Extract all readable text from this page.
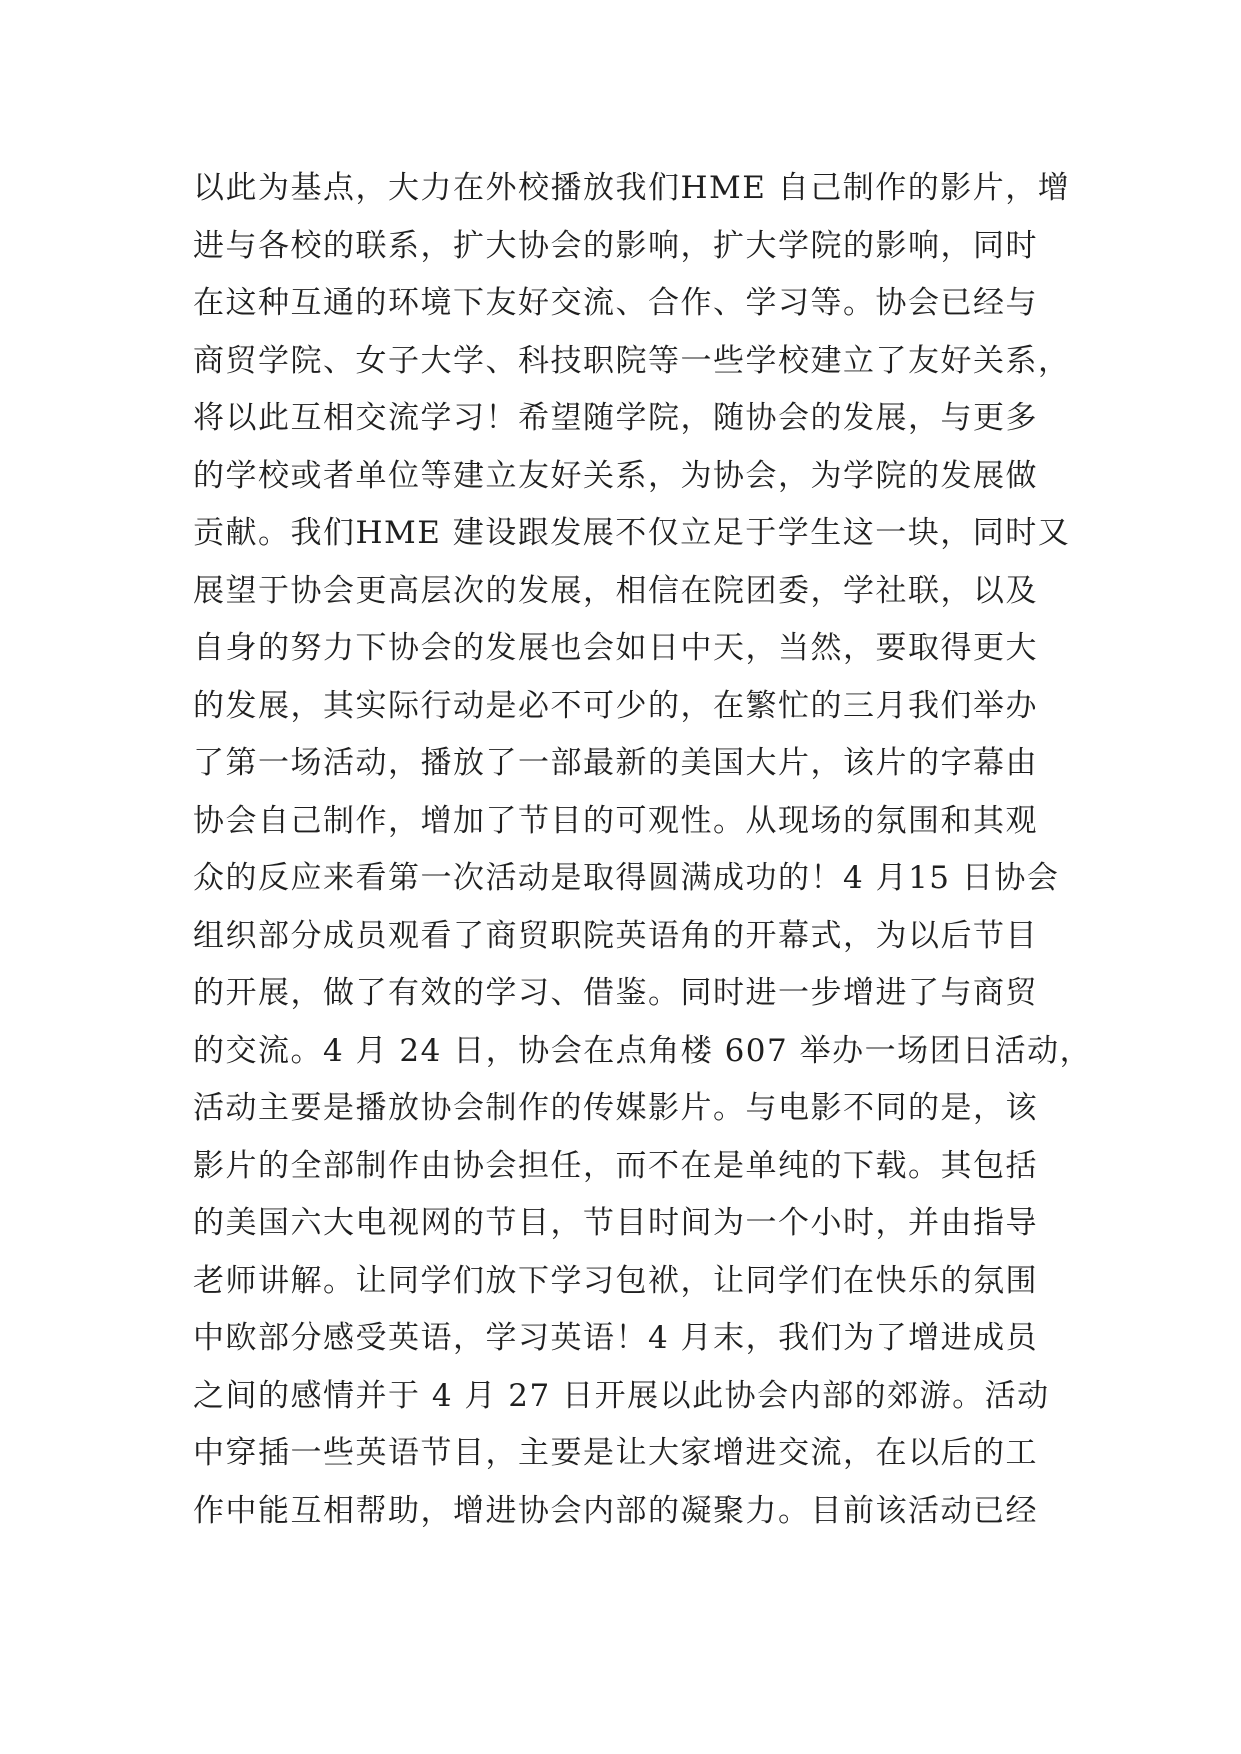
以此为基点，大力在外校播放我们HME 自己制作的影片，增
进与各校的联系，扩大协会的影响，扩大学院的影响，同时
在这种互通的环境下友好交流、合作、学习等。协会已经与
商贸学院、女子大学、科技职院等一些学校建立了友好关系，
将以此互相交流学习！希望随学院，随协会的发展，与更多
的学校或者单位等建立友好关系，为协会，为学院的发展做
贡献。我们HME 建设跟发展不仅立足于学生这一块，同时又
展望于协会更高层次的发展，相信在院团委，学社联，以及
自身的努力下协会的发展也会如日中天，当然，要取得更大
的发展，其实际行动是必不可少的，在繁忙的三月我们举办
了第一场活动，播放了一部最新的美国大片，该片的字幕由
协会自己制作，增加了节目的可观性。从现场的氛围和其观
众的反应来看第一次活动是取得圆满成功的！4 月15 日协会
组织部分成员观看了商贸职院英语角的开幕式，为以后节目
的开展，做了有效的学习、借鉴。同时进一步增进了与商贸
的交流。4 月 24 日，协会在点角楼 607 举办一场团日活动，
活动主要是播放协会制作的传媒影片。与电影不同的是，该
影片的全部制作由协会担任，而不在是单纯的下载。其包括
的美国六大电视网的节目，节目时间为一个小时，并由指导
老师讲解。让同学们放下学习包袱，让同学们在快乐的氛围
中欧部分感受英语，学习英语！4 月末，我们为了增进成员
之间的感情并于 4 月 27 日开展以此协会内部的郊游。活动
中穿插一些英语节目，主要是让大家增进交流，在以后的工
作中能互相帮助，增进协会内部的凝聚力。目前该活动已经
